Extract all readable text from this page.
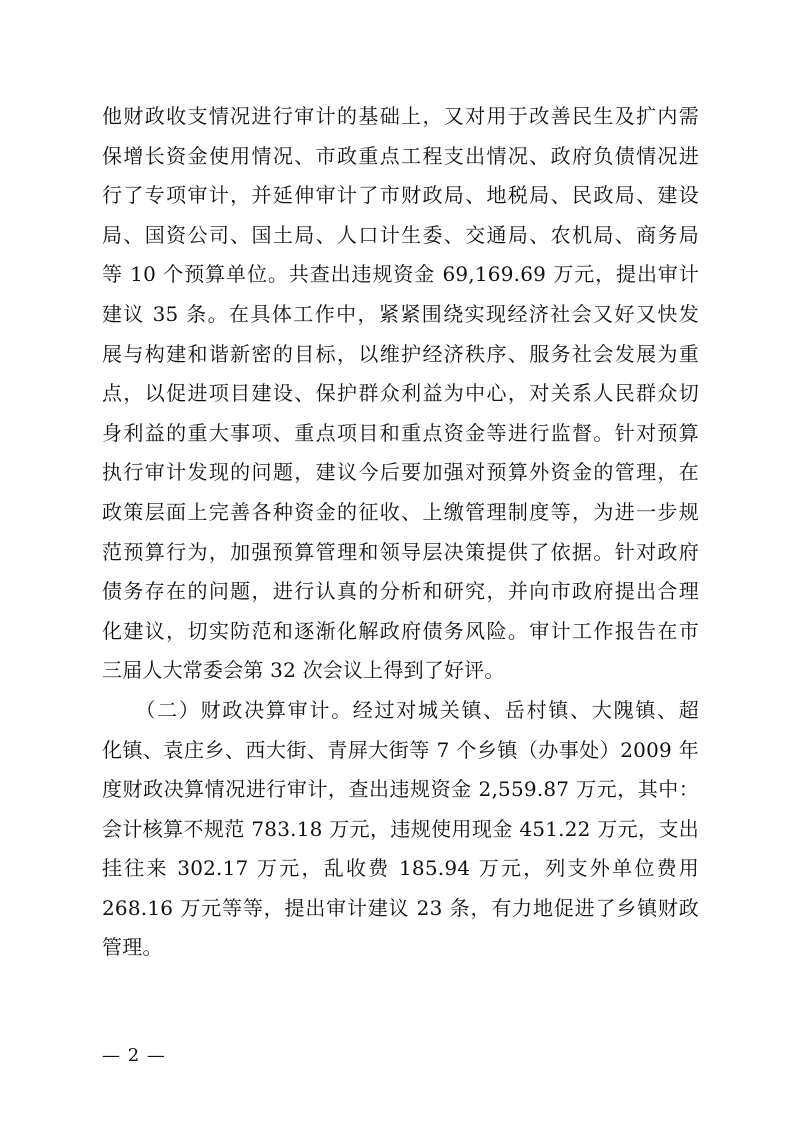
他财政收支情况进行审计的基础上，又对用于改善民生及扩内需
保增长资金使用情况、市政重点工程支出情况、政府负债情况进
行了专项审计，并延伸审计了市财政局、地税局、民政局、建设
局、国资公司、国土局、人口计生委、交通局、农机局、商务局
等 10 个预算单位。共查出违规资金 69,169.69 万元，提出审计
建议 35 条。在具体工作中，紧紧围绕实现经济社会又好又快发
展与构建和谐新密的目标，以维护经济秩序、服务社会发展为重
点，以促进项目建设、保护群众利益为中心，对关系人民群众切
身利益的重大事项、重点项目和重点资金等进行监督。针对预算
执行审计发现的问题，建议今后要加强对预算外资金的管理，在
政策层面上完善各种资金的征收、上缴管理制度等，为进一步规
范预算行为，加强预算管理和领导层决策提供了依据。针对政府
债务存在的问题，进行认真的分析和研究，并向市政府提出合理
化建议，切实防范和逐渐化解政府债务风险。审计工作报告在市
三届人大常委会第 32 次会议上得到了好评。
　　（二）财政决算审计。经过对城关镇、岳村镇、大隗镇、超
化镇、袁庄乡、西大街、青屏大街等 7 个乡镇（办事处）2009 年
度财政决算情况进行审计，查出违规资金 2,559.87 万元，其中：
会计核算不规范 783.18 万元，违规使用现金 451.22 万元，支出
挂往来 302.17 万元，乱收费 185.94 万元，列支外单位费用
268.16 万元等等，提出审计建议 23 条，有力地促进了乡镇财政
管理。
— 2 —
